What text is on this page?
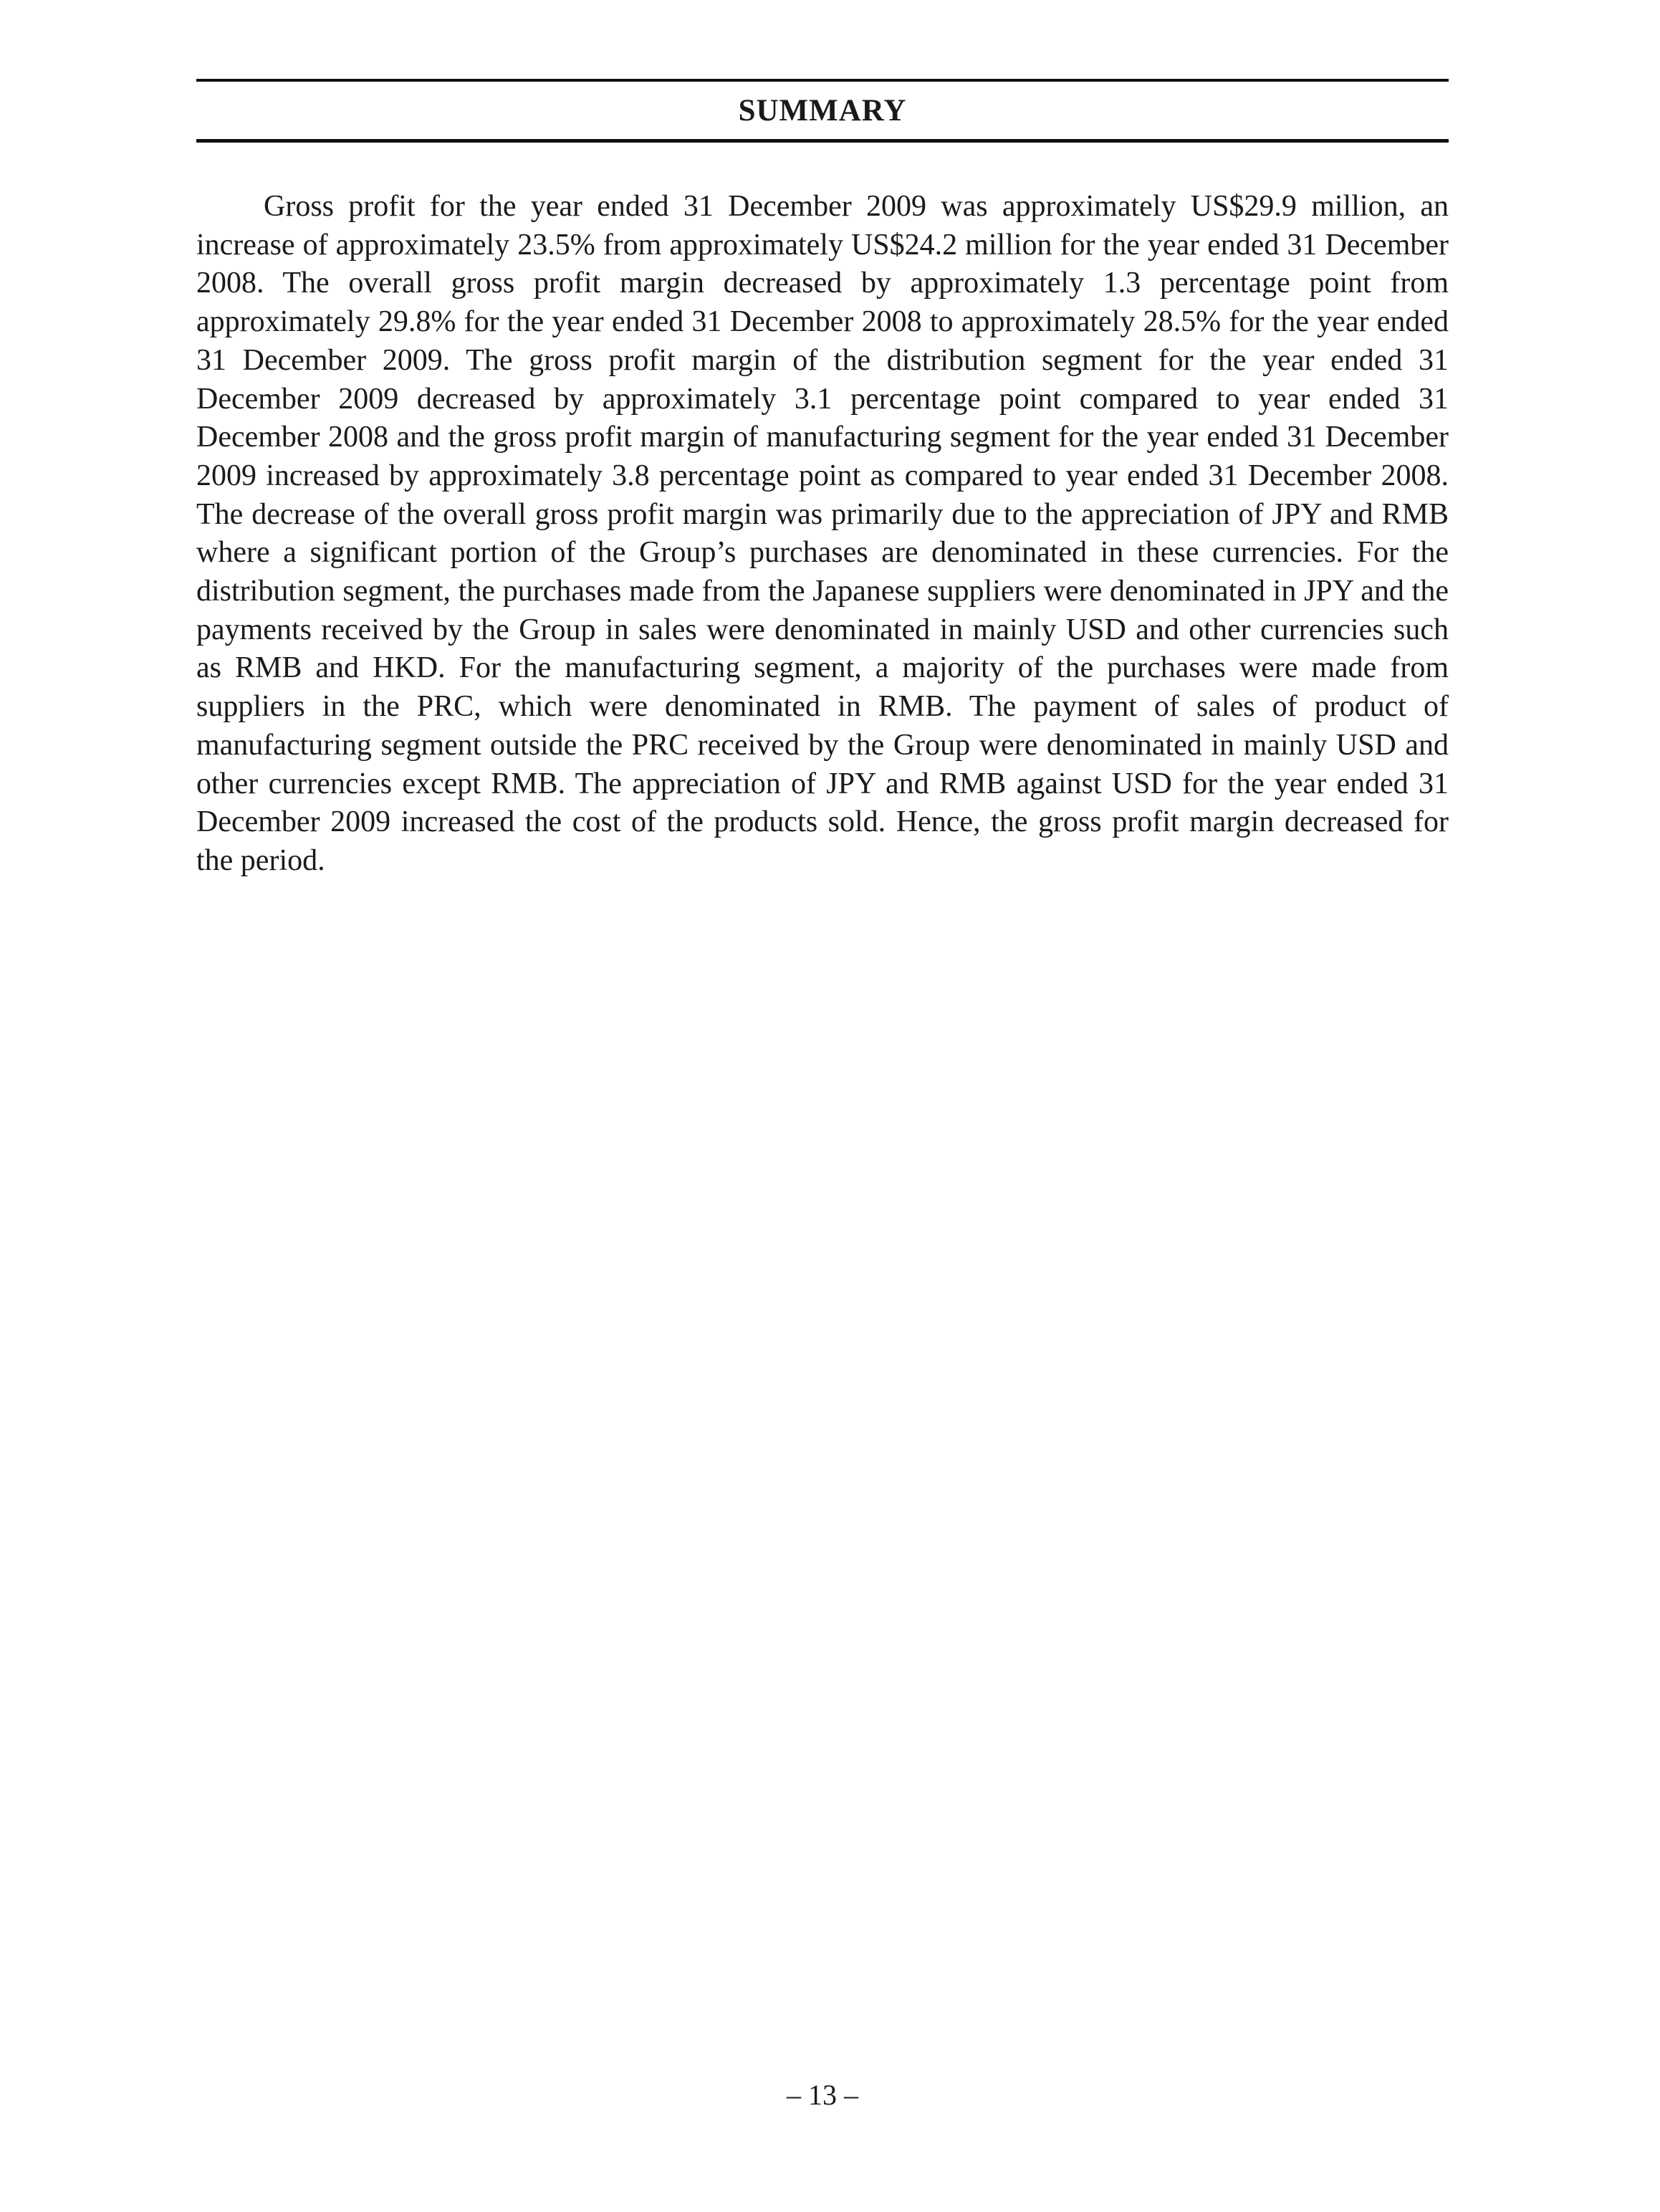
SUMMARY

Gross profit for the year ended 31 December 2009 was approximately US$29.9 million, an increase of approximately 23.5% from approximately US$24.2 million for the year ended 31 December 2008. The overall gross profit margin decreased by approximately 1.3 percentage point from approximately 29.8% for the year ended 31 December 2008 to approximately 28.5% for the year ended 31 December 2009. The gross profit margin of the distribution segment for the year ended 31 December 2009 decreased by approximately 3.1 percentage point compared to year ended 31 December 2008 and the gross profit margin of manufacturing segment for the year ended 31 December 2009 increased by approximately 3.8 percentage point as compared to year ended 31 December 2008. The decrease of the overall gross profit margin was primarily due to the appreciation of JPY and RMB where a significant portion of the Group’s purchases are denominated in these currencies. For the distribution segment, the purchases made from the Japanese suppliers were denominated in JPY and the payments received by the Group in sales were denominated in mainly USD and other currencies such as RMB and HKD. For the manufacturing segment, a majority of the purchases were made from suppliers in the PRC, which were denominated in RMB. The payment of sales of product of manufacturing segment outside the PRC received by the Group were denominated in mainly USD and other currencies except RMB. The appreciation of JPY and RMB against USD for the year ended 31 December 2009 increased the cost of the products sold. Hence, the gross profit margin decreased for the period.

– 13 –
